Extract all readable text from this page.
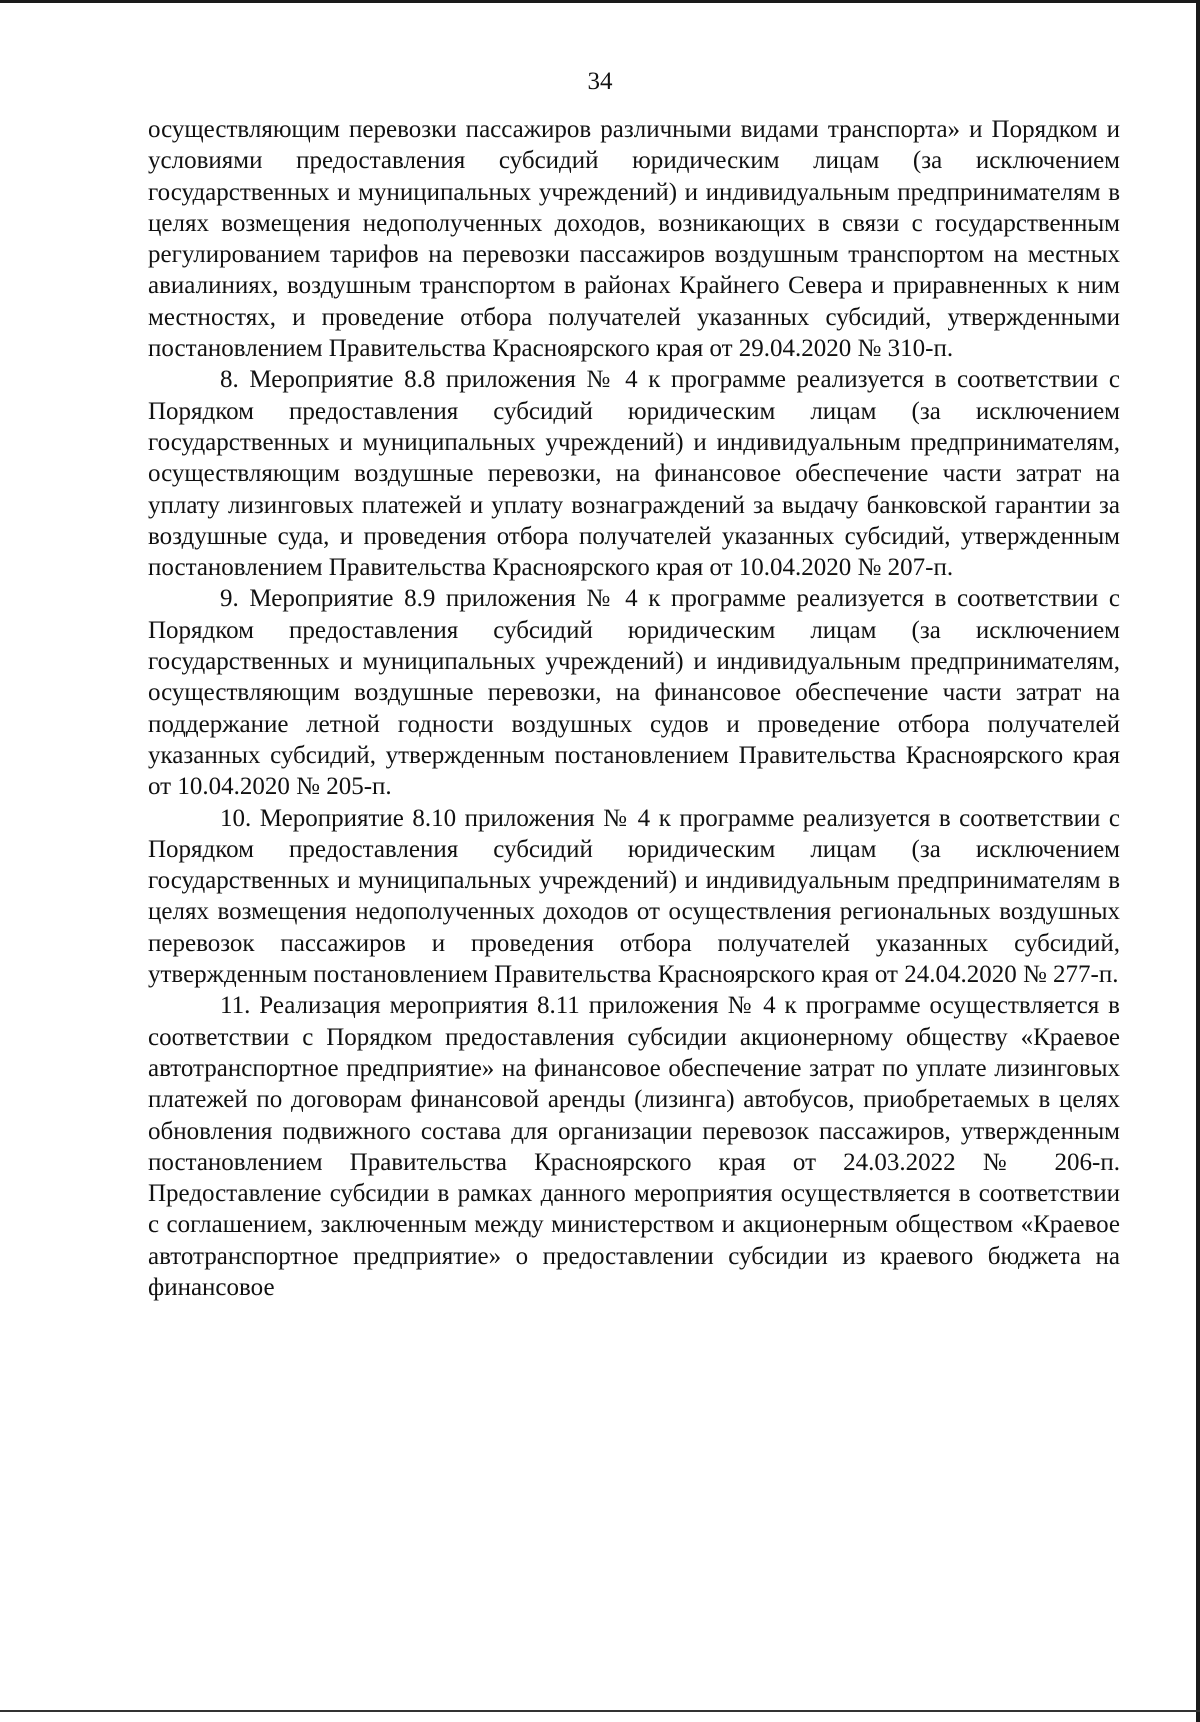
34

осуществляющим перевозки пассажиров различными видами транспорта» и Порядком и условиями предоставления субсидий юридическим лицам (за исключением государственных и муниципальных учреждений) и индивидуальным предпринимателям в целях возмещения недополученных доходов, возникающих в связи с государственным регулированием тарифов на перевозки пассажиров воздушным транспортом на местных авиалиниях, воздушным транспортом в районах Крайнего Севера и приравненных к ним местностях, и проведение отбора получателей указанных субсидий, утвержденными постановлением Правительства Красноярского края от 29.04.2020 № 310-п.

8. Мероприятие 8.8 приложения № 4 к программе реализуется в соответствии с Порядком предоставления субсидий юридическим лицам (за исключением государственных и муниципальных учреждений) и индивидуальным предпринимателям, осуществляющим воздушные перевозки, на финансовое обеспечение части затрат на уплату лизинговых платежей и уплату вознаграждений за выдачу банковской гарантии за воздушные суда, и проведения отбора получателей указанных субсидий, утвержденным постановлением Правительства Красноярского края от 10.04.2020 № 207-п.

9. Мероприятие 8.9 приложения № 4 к программе реализуется в соответствии с Порядком предоставления субсидий юридическим лицам (за исключением государственных и муниципальных учреждений) и индивидуальным предпринимателям, осуществляющим воздушные перевозки, на финансовое обеспечение части затрат на поддержание летной годности воздушных судов и проведение отбора получателей указанных субсидий, утвержденным постановлением Правительства Красноярского края от 10.04.2020 № 205-п.

10. Мероприятие 8.10 приложения № 4 к программе реализуется в соответствии с Порядком предоставления субсидий юридическим лицам (за исключением государственных и муниципальных учреждений) и индивидуальным предпринимателям в целях возмещения недополученных доходов от осуществления региональных воздушных перевозок пассажиров и проведения отбора получателей указанных субсидий, утвержденным постановлением Правительства Красноярского края от 24.04.2020 № 277-п.

11. Реализация мероприятия 8.11 приложения № 4 к программе осуществляется в соответствии с Порядком предоставления субсидии акционерному обществу «Краевое автотранспортное предприятие» на финансовое обеспечение затрат по уплате лизинговых платежей по договорам финансовой аренды (лизинга) автобусов, приобретаемых в целях обновления подвижного состава для организации перевозок пассажиров, утвержденным постановлением Правительства Красноярского края от 24.03.2022 № 206-п. Предоставление субсидии в рамках данного мероприятия осуществляется в соответствии с соглашением, заключенным между министерством и акционерным обществом «Краевое автотранспортное предприятие» о предоставлении субсидии из краевого бюджета на финансовое
